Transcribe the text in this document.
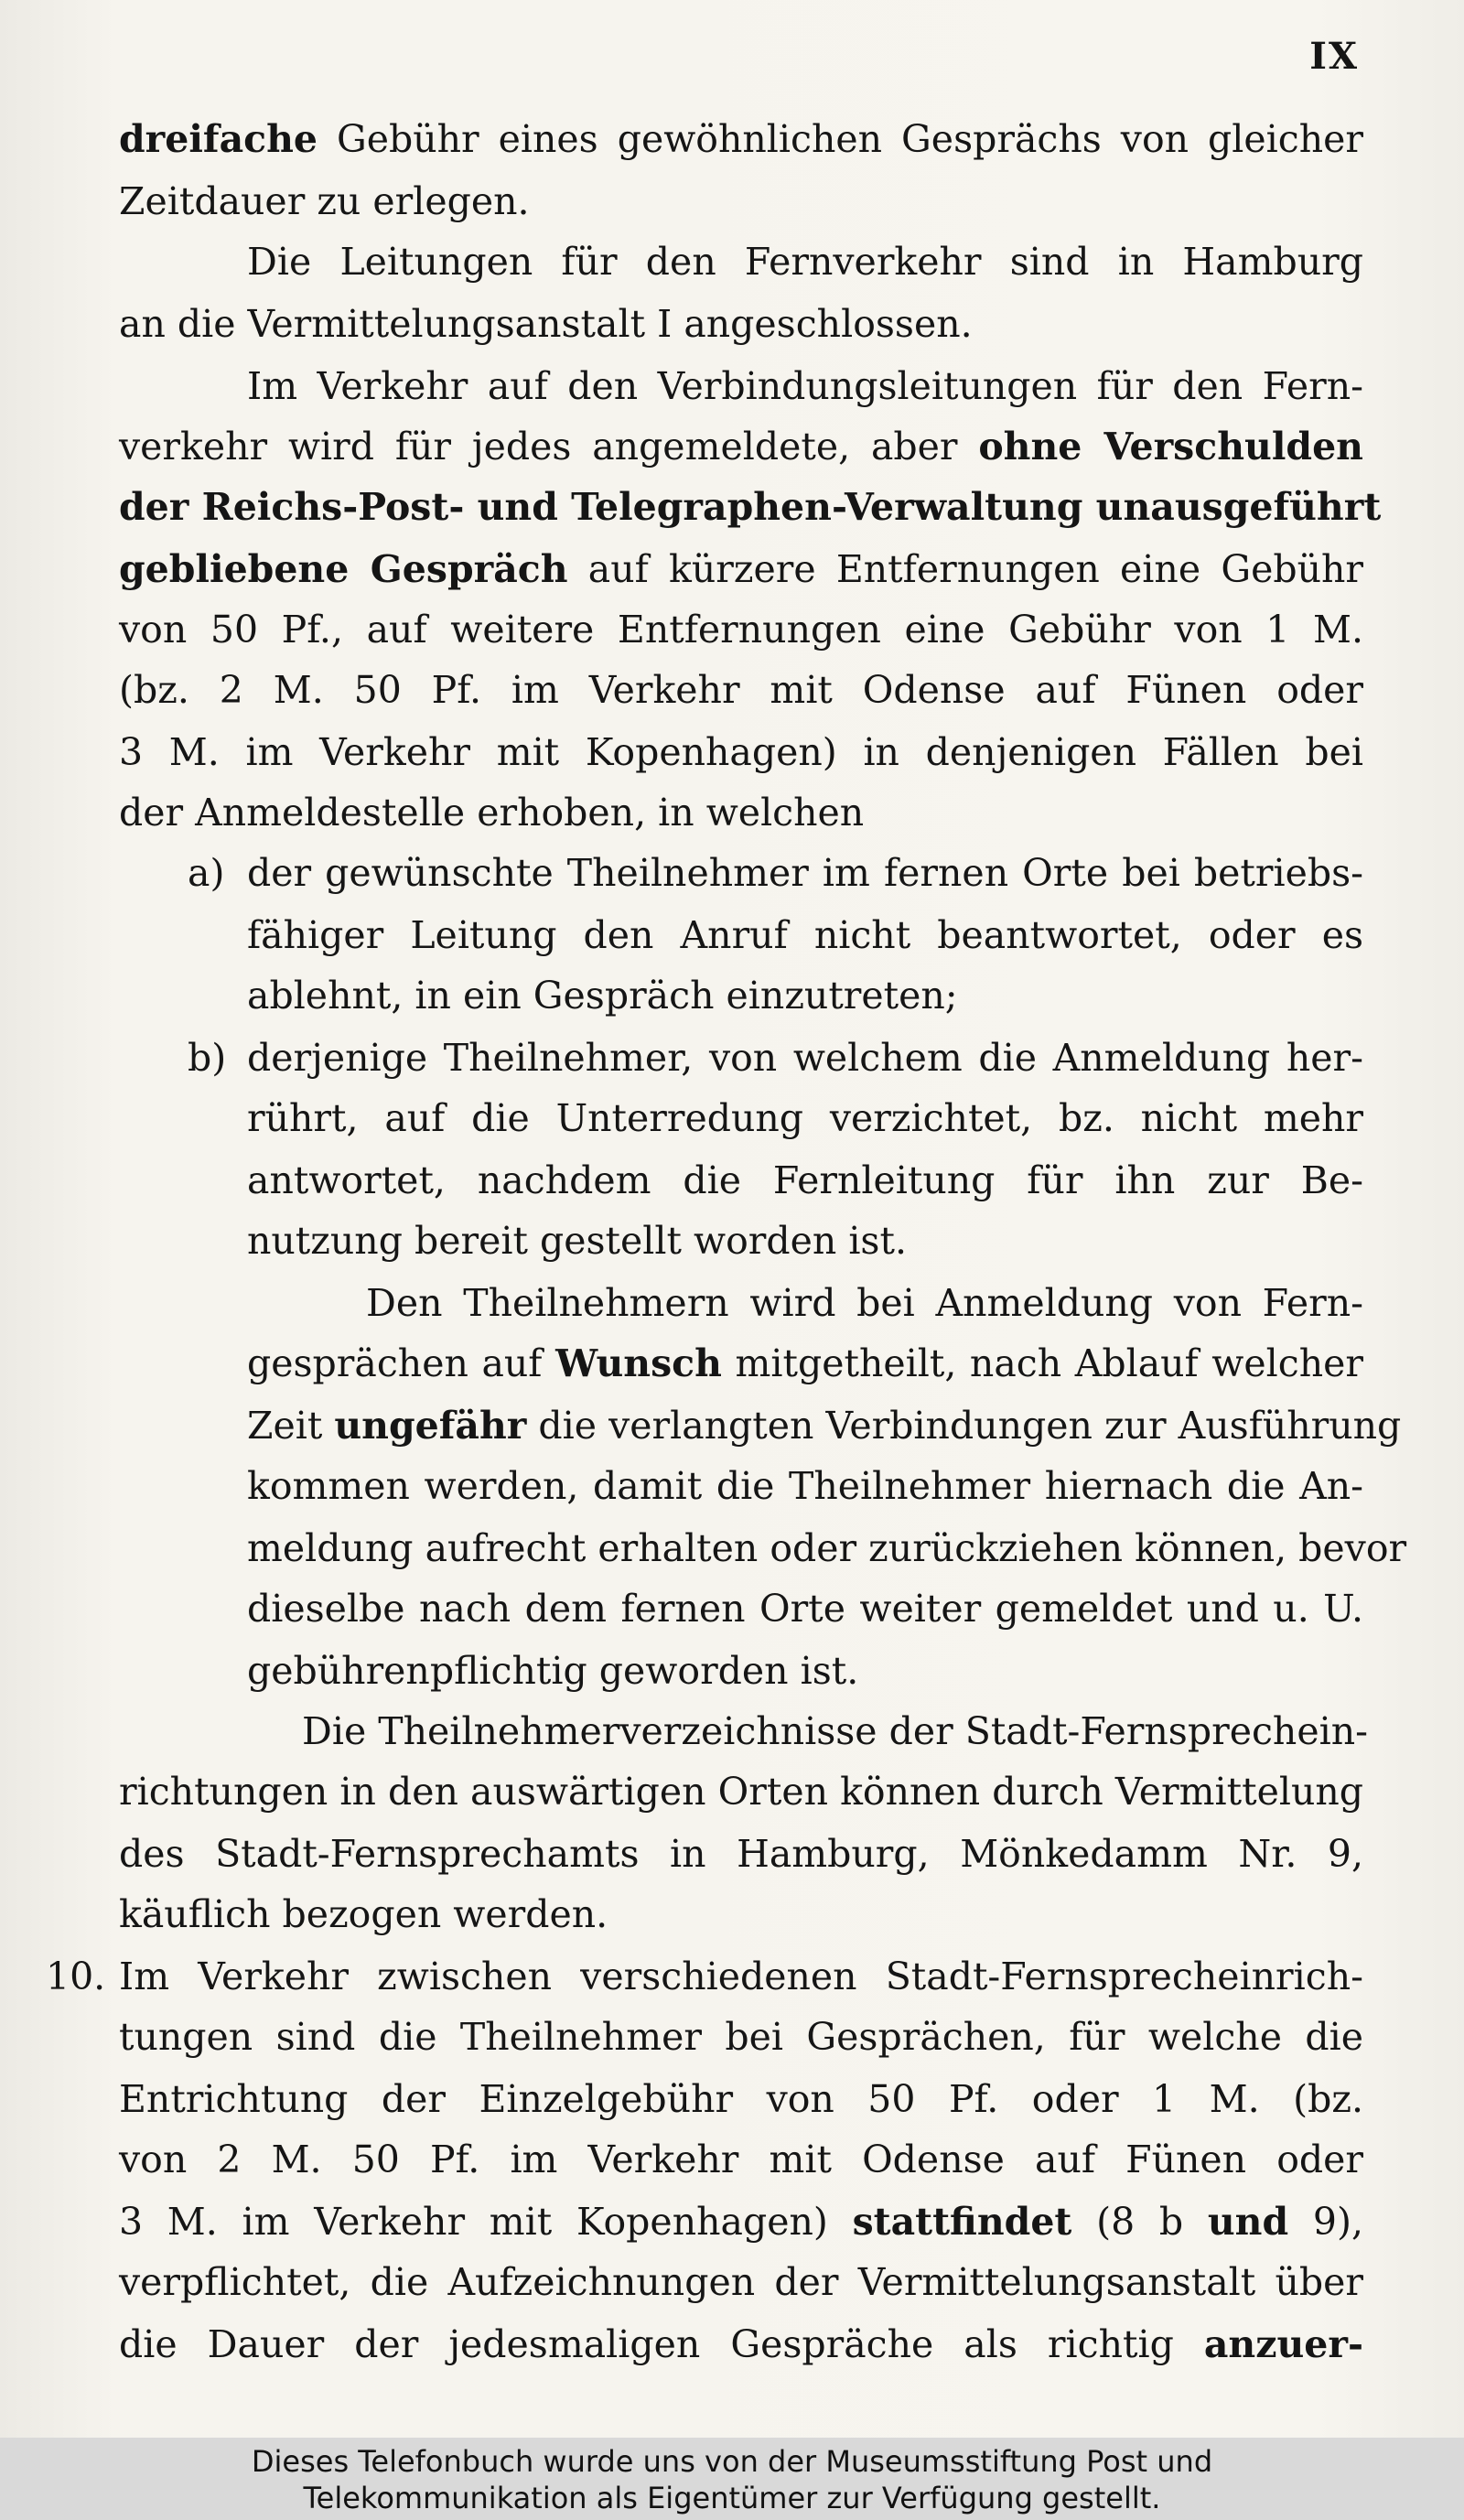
IX
dreifache Gebühr eines gewöhnlichen Gesprächs von gleicher
Zeitdauer zu erlegen.
Die Leitungen für den Fernverkehr sind in Hamburg
an die Vermittelungsanstalt I angeschlossen.
Im Verkehr auf den Verbindungsleitungen für den Fern-
verkehr wird für jedes angemeldete, aber ohne Verschulden
der Reichs-Post- und Telegraphen-Verwaltung unausgeführt
gebliebene Gespräch auf kürzere Entfernungen eine Gebühr
von 50 Pf., auf weitere Entfernungen eine Gebühr von 1 M.
(bz. 2 M. 50 Pf. im Verkehr mit Odense auf Fünen oder
3 M. im Verkehr mit Kopenhagen) in denjenigen Fällen bei
der Anmeldestelle erhoben, in welchen
a) der gewünschte Theilnehmer im fernen Orte bei betriebs-
fähiger Leitung den Anruf nicht beantwortet, oder es
ablehnt, in ein Gespräch einzutreten;
b) derjenige Theilnehmer, von welchem die Anmeldung her-
rührt, auf die Unterredung verzichtet, bz. nicht mehr
antwortet, nachdem die Fernleitung für ihn zur Be-
nutzung bereit gestellt worden ist.
Den Theilnehmern wird bei Anmeldung von Fern-
gesprächen auf Wunsch mitgetheilt, nach Ablauf welcher
Zeit ungefähr die verlangten Verbindungen zur Ausführung
kommen werden, damit die Theilnehmer hiernach die An-
meldung aufrecht erhalten oder zurückziehen können, bevor
dieselbe nach dem fernen Orte weiter gemeldet und u. U.
gebührenpflichtig geworden ist.
Die Theilnehmerverzeichnisse der Stadt-Fernsprechein-
richtungen in den auswärtigen Orten können durch Vermittelung
des Stadt-Fernsprechamts in Hamburg, Mönkedamm Nr. 9,
käuflich bezogen werden.
10. Im Verkehr zwischen verschiedenen Stadt-Fernsprecheinrich-
tungen sind die Theilnehmer bei Gesprächen, für welche die
Entrichtung der Einzelgebühr von 50 Pf. oder 1 M. (bz.
von 2 M. 50 Pf. im Verkehr mit Odense auf Fünen oder
3 M. im Verkehr mit Kopenhagen) stattfindet (8 b und 9),
verpflichtet, die Aufzeichnungen der Vermittelungsanstalt über
die Dauer der jedesmaligen Gespräche als richtig anzuer-
Dieses Telefonbuch wurde uns von der Museumsstiftung Post und
Telekommunikation als Eigentümer zur Verfügung gestellt.
